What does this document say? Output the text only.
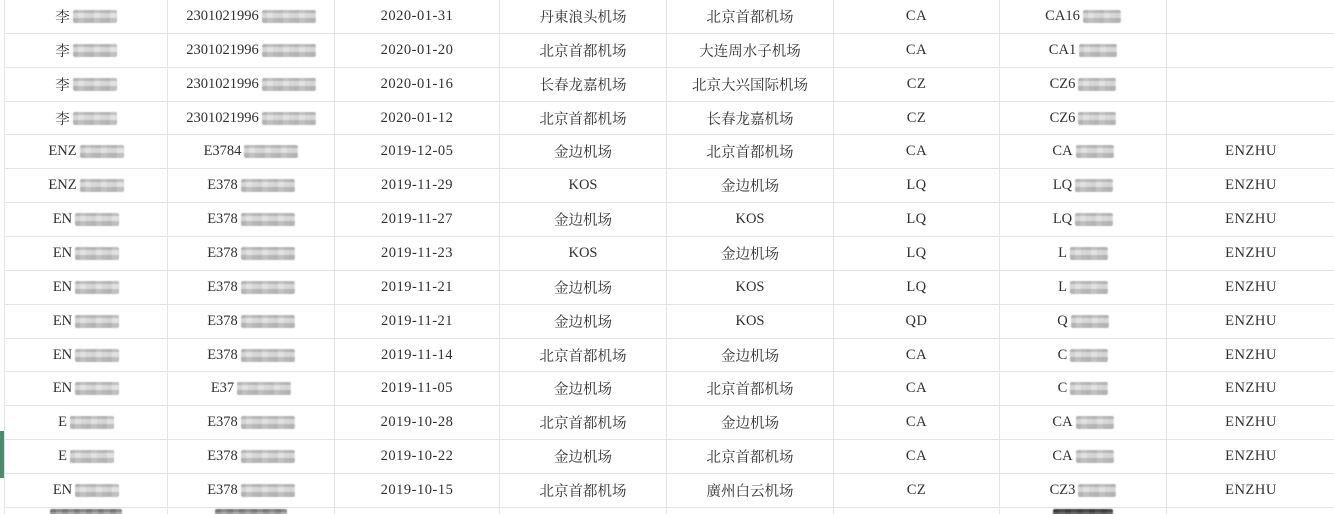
李	2301021996	2020-01-31	丹東浪头机场	北京首都机场	CA	CA16
李	2301021996	2020-01-20	北京首都机场	大连周水子机场	CA	CA1
李	2301021996	2020-01-16	长春龙嘉机场	北京大兴国际机场	CZ	CZ6
李	2301021996	2020-01-12	北京首都机场	长春龙嘉机场	CZ	CZ6
ENZ	E3784	2019-12-05	金边机场	北京首都机场	CA	CA	ENZHU
ENZ	E378	2019-11-29	KOS	金边机场	LQ	LQ	ENZHU
EN	E378	2019-11-27	金边机场	KOS	LQ	LQ	ENZHU
EN	E378	2019-11-23	KOS	金边机场	LQ	L	ENZHU
EN	E378	2019-11-21	金边机场	KOS	LQ	L	ENZHU
EN	E378	2019-11-21	金边机场	KOS	QD	Q	ENZHU
EN	E378	2019-11-14	北京首都机场	金边机场	CA	C	ENZHU
EN	E37	2019-11-05	金边机场	北京首都机场	CA	C	ENZHU
E	E378	2019-10-28	北京首都机场	金边机场	CA	CA	ENZHU
E	E378	2019-10-22	金边机场	北京首都机场	CA	CA	ENZHU
EN	E378	2019-10-15	北京首都机场	廣州白云机场	CZ	CZ3	ENZHU
